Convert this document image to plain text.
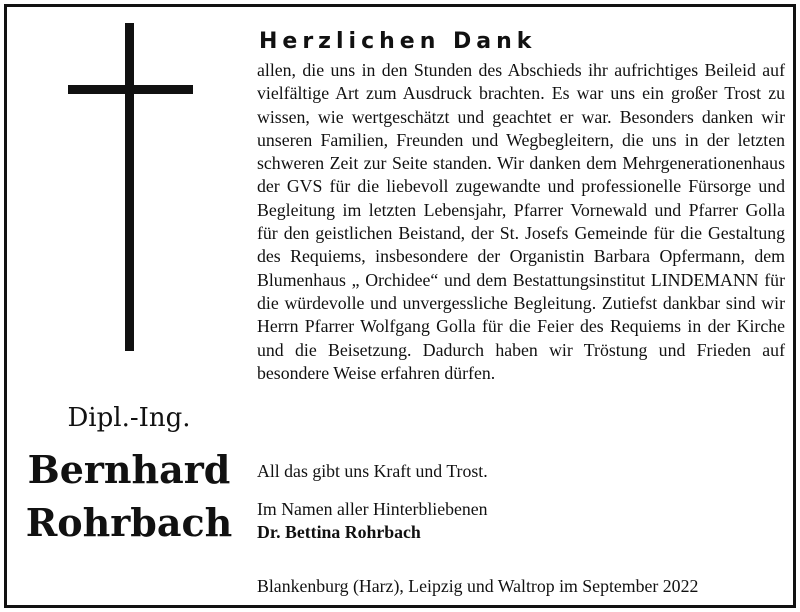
Dipl.-Ing.
Bernhard
Rohrbach
Herzlichen Dank

allen, die uns in den Stunden des Abschieds ihr aufrichtiges Beileid auf vielfältige Art zum Ausdruck brachten. Es war uns ein großer Trost zu wissen, wie wertgeschätzt und geachtet er war. Besonders danken wir unseren Familien, Freunden und Wegbegleitern, die uns in der letzten schweren Zeit zur Seite standen. Wir danken dem Mehrgenerationenhaus der GVS für die liebevoll zugewandte und professionelle Fürsorge und Begleitung im letzten Lebensjahr, Pfarrer Vornewald und Pfarrer Golla für den geistlichen Beistand, der St. Josefs Gemeinde für die Gestaltung des Requiems, insbesondere der Organistin Barbara Opfermann, dem Blumenhaus „ Orchidee“ und dem Bestattungsinstitut LINDEMANN für die würdevolle und unvergessliche Begleitung. Zutiefst dankbar sind wir Herrn Pfarrer Wolfgang Golla für die Feier des Requiems in der Kirche und die Beisetzung. Dadurch haben wir Tröstung und Frieden auf besondere Weise erfahren dürfen.

All das gibt uns Kraft und Trost.
Im Namen aller Hinterbliebenen
Dr. Bettina Rohrbach
Blankenburg (Harz), Leipzig und Waltrop im September 2022
